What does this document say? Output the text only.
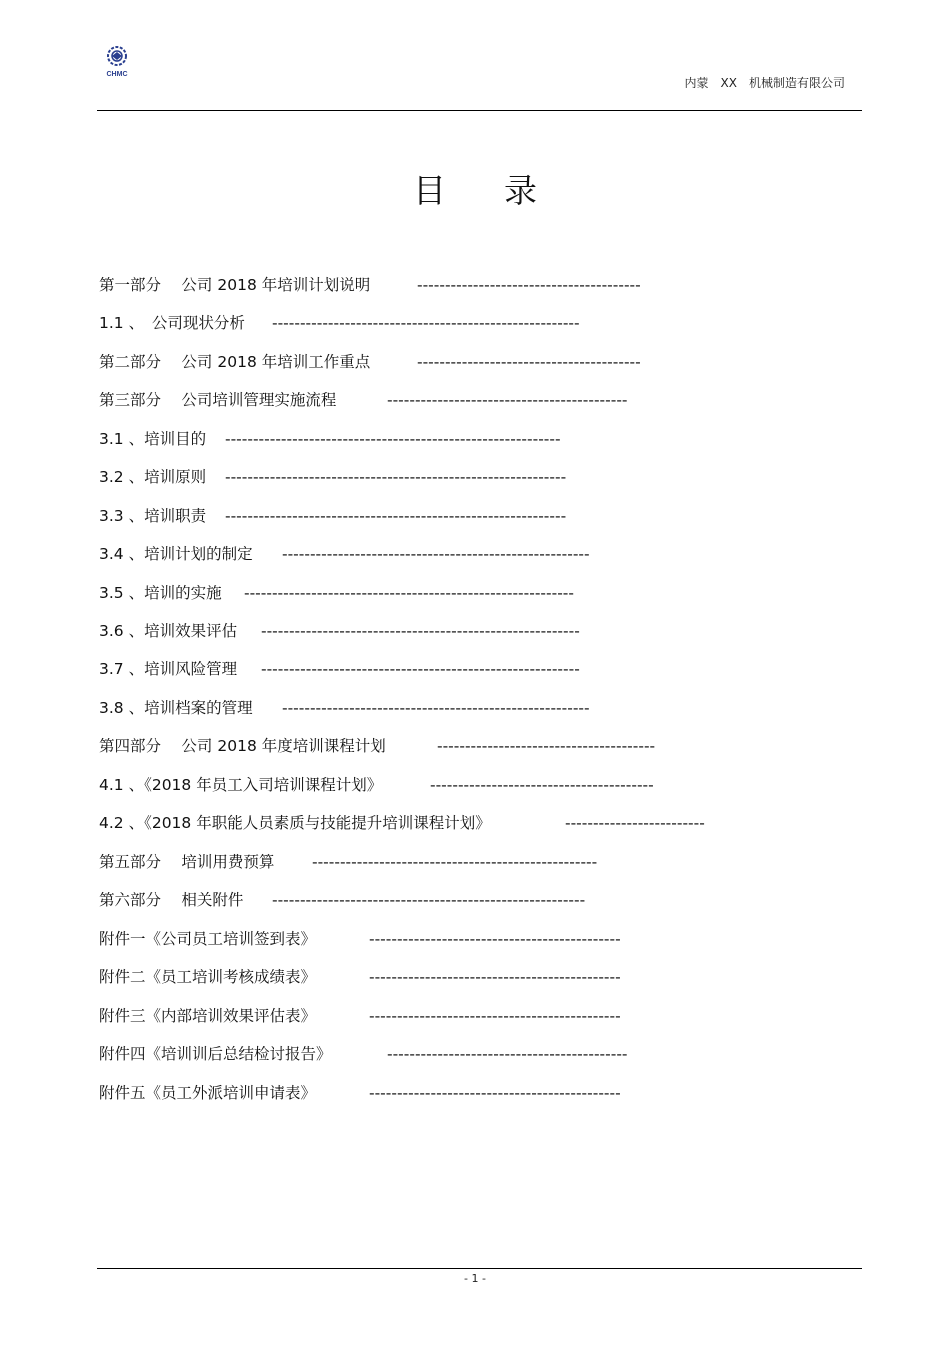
CHMC
内蒙　XX　机械制造有限公司
目录
第一部分　 公司 2018 年培训计划说明	----------------------------------------
1.1 、　公司现状分析 -------------------------------------------------------
第二部分　 公司 2018 年培训工作重点	----------------------------------------
第三部分　 公司培训管理实施流程	-------------------------------------------
3.1 、培训目的 ------------------------------------------------------------
3.2 、培训原则 -------------------------------------------------------------
3.3 、培训职责 -------------------------------------------------------------
3.4 、培训计划的制定 -------------------------------------------------------
3.5 、培训的实施 -----------------------------------------------------------
3.6 、培训效果评估 ---------------------------------------------------------
3.7 、培训风险管理 ---------------------------------------------------------
3.8 、培训档案的管理 -------------------------------------------------------
第四部分　 公司 2018 年度培训课程计划	---------------------------------------
4.1 、《2018 年员工入司培训课程计划》	----------------------------------------
4.2 、《2018 年职能人员素质与技能提升培训课程计划》	-------------------------
第五部分　 培训用费预算 ---------------------------------------------------
第六部分　 相关附件 --------------------------------------------------------
附件一《公司员工培训签到表》	---------------------------------------------
附件二《员工培训考核成绩表》	---------------------------------------------
附件三《内部培训效果评估表》	---------------------------------------------
附件四《培训训后总结检讨报告》	-------------------------------------------
附件五《员工外派培训申请表》	---------------------------------------------
- 1 -
